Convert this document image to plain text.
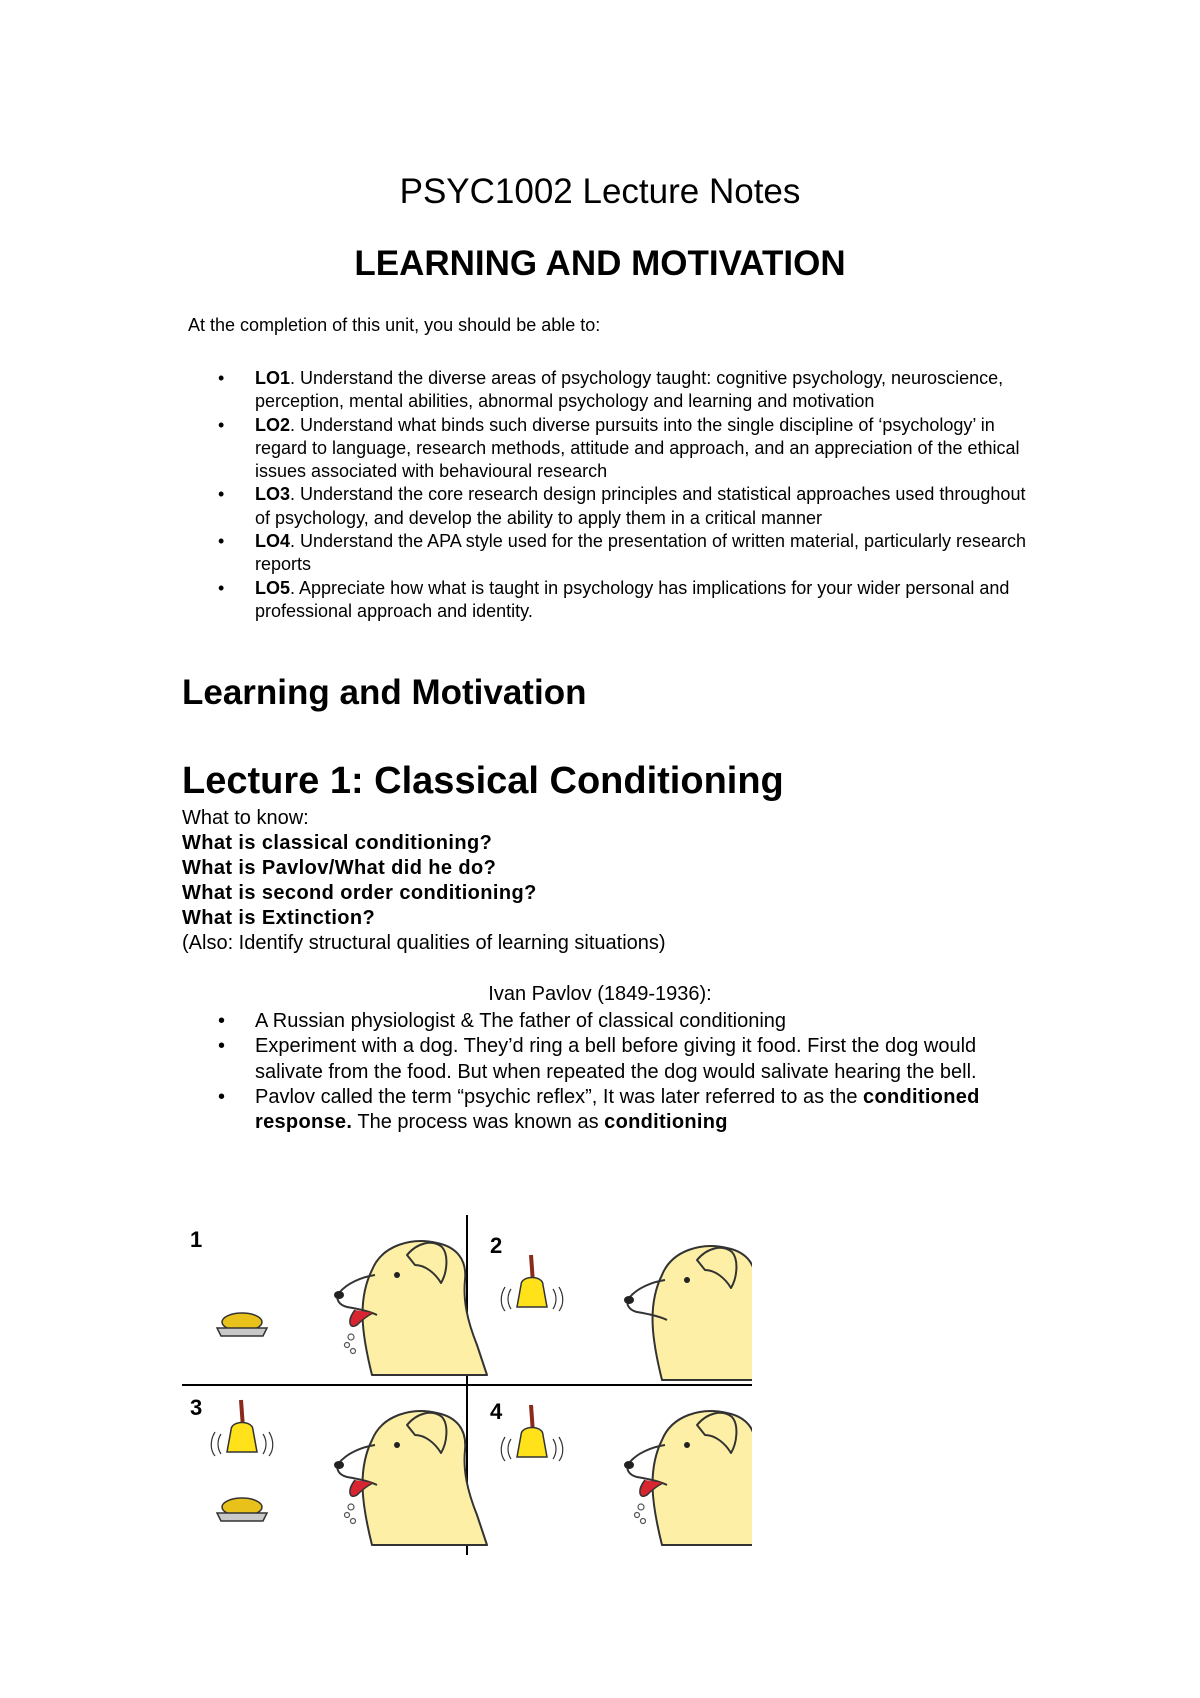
PSYC1002 Lecture Notes
LEARNING AND MOTIVATION

At the completion of this unit, you should be able to:

• LO1. Understand the diverse areas of psychology taught: cognitive psychology, neuroscience, perception, mental abilities, abnormal psychology and learning and motivation
• LO2. Understand what binds such diverse pursuits into the single discipline of ‘psychology’ in regard to language, research methods, attitude and approach, and an appreciation of the ethical issues associated with behavioural research
• LO3. Understand the core research design principles and statistical approaches used throughout of psychology, and develop the ability to apply them in a critical manner
• LO4. Understand the APA style used for the presentation of written material, particularly research reports
• LO5. Appreciate how what is taught in psychology has implications for your wider personal and professional approach and identity.
Learning and Motivation
Lecture 1: Classical Conditioning
What to know:
What is classical conditioning?
What is Pavlov/What did he do?
What is second order conditioning?
What is Extinction?
(Also: Identify structural qualities of learning situations)

Ivan Pavlov (1849-1936):

• A Russian physiologist & The father of classical conditioning
• Experiment with a dog. They’d ring a bell before giving it food. First the dog would salivate from the food. But when repeated the dog would salivate hearing the bell.
• Pavlov called the term “psychic reflex”, It was later referred to as the conditioned response. The process was known as conditioning
1	2
3	4
